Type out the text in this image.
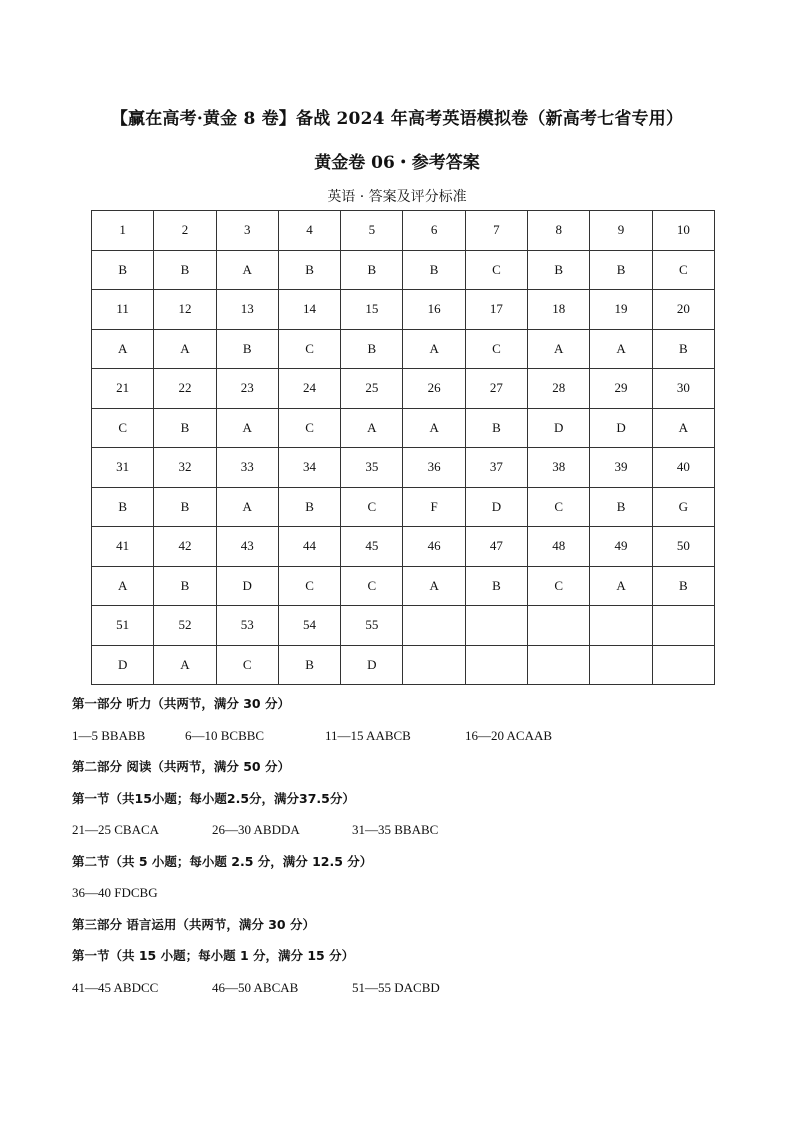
【赢在高考·黄金 8 卷】备战 2024 年高考英语模拟卷（新高考七省专用）
黄金卷 06・参考答案
英语 · 答案及评分标准
1	2	3	4	5	6	7	8	9	10
B	B	A	B	B	B	C	B	B	C
11	12	13	14	15	16	17	18	19	20
A	A	B	C	B	A	C	A	A	B
21	22	23	24	25	26	27	28	29	30
C	B	A	C	A	A	B	D	D	A
31	32	33	34	35	36	37	38	39	40
B	B	A	B	C	F	D	C	B	G
41	42	43	44	45	46	47	48	49	50
A	B	D	C	C	A	B	C	A	B
51	52	53	54	55					
D	A	C	B	D					
第一部分 听力（共两节，满分 30 分）
1—5 BBABB	6—10 BCBBC	11—15 AABCB	16—20 ACAAB
第二部分 阅读（共两节，满分 50 分）
第一节（共15小题；每小题2.5分，满分37.5分）
21—25 CBACA	26—30 ABDDA	31—35 BBABC
第二节（共 5 小题；每小题 2.5 分，满分 12.5 分）
36—40 FDCBG
第三部分 语言运用（共两节，满分 30 分）
第一节（共 15 小题；每小题 1 分，满分 15 分）
41—45 ABDCC	46—50 ABCAB	51—55 DACBD
